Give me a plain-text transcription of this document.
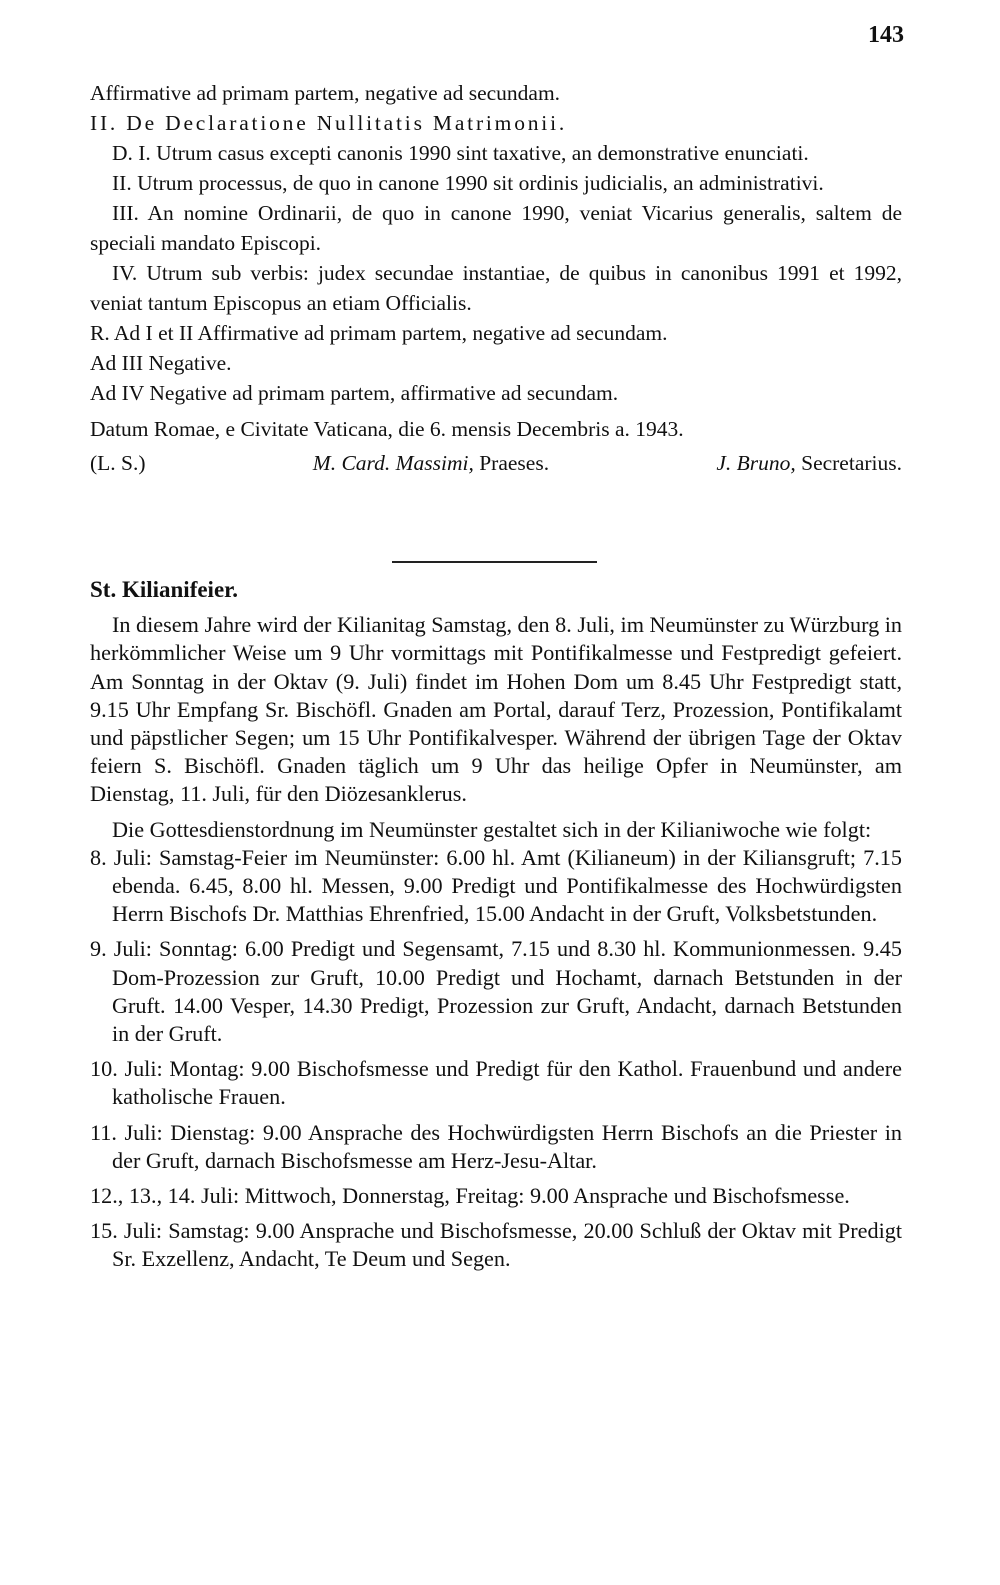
143

Affirmative ad primam partem, negative ad secundam.

II. De Declaratione Nullitatis Matrimonii.

D. I. Utrum casus excepti canonis 1990 sint taxative, an demonstrative enunciati.

II. Utrum processus, de quo in canone 1990 sit ordinis judicialis, an administrativi.

III. An nomine Ordinarii, de quo in canone 1990, veniat Vicarius generalis, saltem de speciali mandato Episcopi.

IV. Utrum sub verbis: judex secundae instantiae, de quibus in canonibus 1991 et 1992, veniat tantum Episcopus an etiam Officialis.

R. Ad I et II Affirmative ad primam partem, negative ad secundam.

Ad III Negative.

Ad IV Negative ad primam partem, affirmative ad secundam.

Datum Romae, e Civitate Vaticana, die 6. mensis Decembris a. 1943.

(L. S.)	M. Card. Massimi, Praeses.	J. Bruno, Secretarius.

St. Kilianifeier.

In diesem Jahre wird der Kilianitag Samstag, den 8. Juli, im Neumünster zu Würzburg in herkömmlicher Weise um 9 Uhr vormittags mit Pontifikalmesse und Festpredigt gefeiert. Am Sonntag in der Oktav (9. Juli) findet im Hohen Dom um 8.45 Uhr Festpredigt statt, 9.15 Uhr Empfang Sr. Bischöfl. Gnaden am Portal, darauf Terz, Prozession, Pontifikalamt und päpstlicher Segen; um 15 Uhr Pontifikalvesper. Während der übrigen Tage der Oktav feiern S. Bischöfl. Gnaden täglich um 9 Uhr das heilige Opfer in Neumünster, am Dienstag, 11. Juli, für den Diözesanklerus.

Die Gottesdienstordnung im Neumünster gestaltet sich in der Kilianiwoche wie folgt:

8. Juli: Samstag-Feier im Neumünster: 6.00 hl. Amt (Kilianeum) in der Kiliansgruft; 7.15 ebenda. 6.45, 8.00 hl. Messen, 9.00 Predigt und Pontifikalmesse des Hochwürdigsten Herrn Bischofs Dr. Matthias Ehrenfried, 15.00 Andacht in der Gruft, Volksbetstunden.

9. Juli: Sonntag: 6.00 Predigt und Segensamt, 7.15 und 8.30 hl. Kommunionmessen. 9.45 Dom-Prozession zur Gruft, 10.00 Predigt und Hochamt, darnach Betstunden in der Gruft. 14.00 Vesper, 14.30 Predigt, Prozession zur Gruft, Andacht, darnach Betstunden in der Gruft.

10. Juli: Montag: 9.00 Bischofsmesse und Predigt für den Kathol. Frauenbund und andere katholische Frauen.

11. Juli: Dienstag: 9.00 Ansprache des Hochwürdigsten Herrn Bischofs an die Priester in der Gruft, darnach Bischofsmesse am Herz-Jesu-Altar.

12., 13., 14. Juli: Mittwoch, Donnerstag, Freitag: 9.00 Ansprache und Bischofsmesse.

15. Juli: Samstag: 9.00 Ansprache und Bischofsmesse, 20.00 Schluß der Oktav mit Predigt Sr. Exzellenz, Andacht, Te Deum und Segen.
